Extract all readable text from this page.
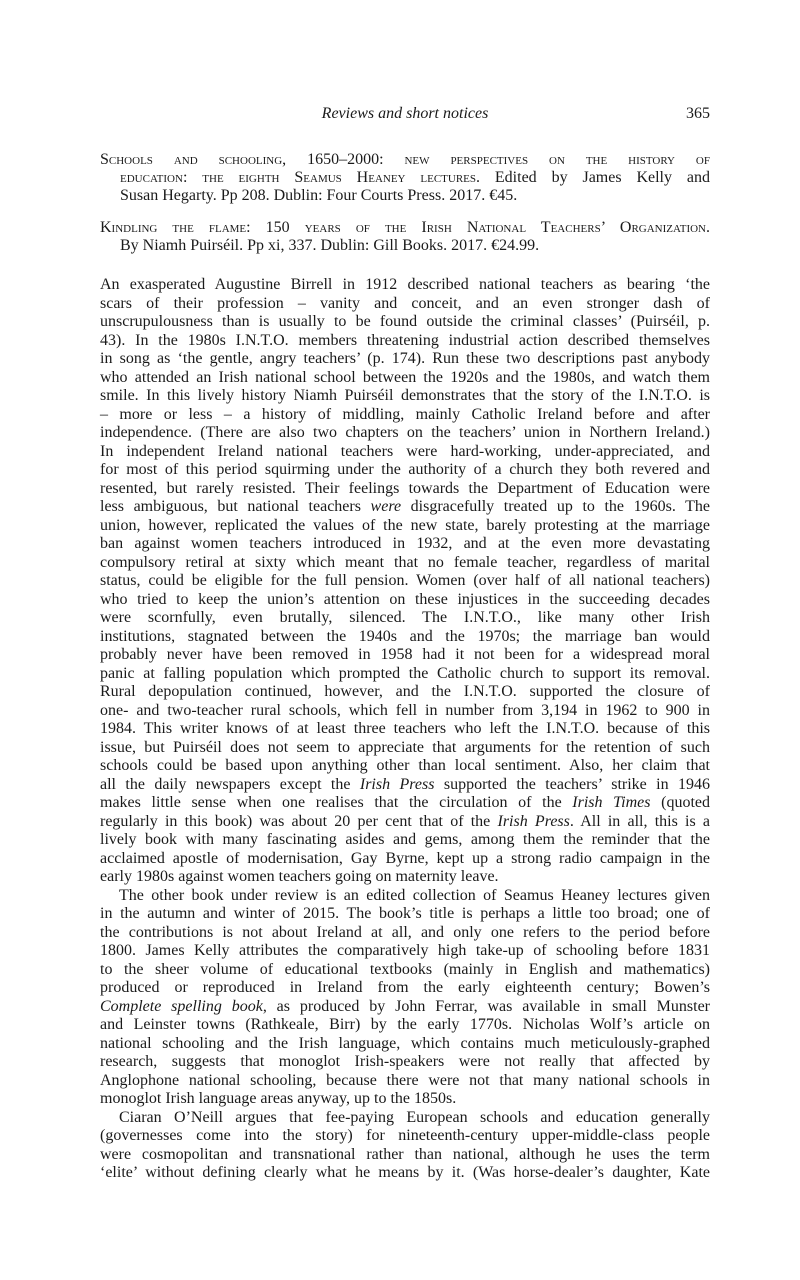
Reviews and short notices	365
Schools and schooling, 1650–2000: new perspectives on the history of
education: the eighth Seamus Heaney lectures. Edited by James Kelly and
Susan Hegarty. Pp 208. Dublin: Four Courts Press. 2017. €45.
Kindling the flame: 150 years of the Irish National Teachers’ Organization.
By Niamh Puirséil. Pp xi, 337. Dublin: Gill Books. 2017. €24.99.
An exasperated Augustine Birrell in 1912 described national teachers as bearing ‘the
scars of their profession – vanity and conceit, and an even stronger dash of
unscrupulousness than is usually to be found outside the criminal classes’ (Puirséil, p.
43). In the 1980s I.N.T.O. members threatening industrial action described themselves
in song as ‘the gentle, angry teachers’ (p. 174). Run these two descriptions past anybody
who attended an Irish national school between the 1920s and the 1980s, and watch them
smile. In this lively history Niamh Puirséil demonstrates that the story of the I.N.T.O. is
– more or less – a history of middling, mainly Catholic Ireland before and after
independence. (There are also two chapters on the teachers’ union in Northern Ireland.)
In independent Ireland national teachers were hard-working, under-appreciated, and
for most of this period squirming under the authority of a church they both revered and
resented, but rarely resisted. Their feelings towards the Department of Education were
less ambiguous, but national teachers were disgracefully treated up to the 1960s. The
union, however, replicated the values of the new state, barely protesting at the marriage
ban against women teachers introduced in 1932, and at the even more devastating
compulsory retiral at sixty which meant that no female teacher, regardless of marital
status, could be eligible for the full pension. Women (over half of all national teachers)
who tried to keep the union’s attention on these injustices in the succeeding decades
were scornfully, even brutally, silenced. The I.N.T.O., like many other Irish
institutions, stagnated between the 1940s and the 1970s; the marriage ban would
probably never have been removed in 1958 had it not been for a widespread moral
panic at falling population which prompted the Catholic church to support its removal.
Rural depopulation continued, however, and the I.N.T.O. supported the closure of
one- and two-teacher rural schools, which fell in number from 3,194 in 1962 to 900 in
1984. This writer knows of at least three teachers who left the I.N.T.O. because of this
issue, but Puirséil does not seem to appreciate that arguments for the retention of such
schools could be based upon anything other than local sentiment. Also, her claim that
all the daily newspapers except the Irish Press supported the teachers’ strike in 1946
makes little sense when one realises that the circulation of the Irish Times (quoted
regularly in this book) was about 20 per cent that of the Irish Press. All in all, this is a
lively book with many fascinating asides and gems, among them the reminder that the
acclaimed apostle of modernisation, Gay Byrne, kept up a strong radio campaign in the
early 1980s against women teachers going on maternity leave.
The other book under review is an edited collection of Seamus Heaney lectures given
in the autumn and winter of 2015. The book’s title is perhaps a little too broad; one of
the contributions is not about Ireland at all, and only one refers to the period before
1800. James Kelly attributes the comparatively high take-up of schooling before 1831
to the sheer volume of educational textbooks (mainly in English and mathematics)
produced or reproduced in Ireland from the early eighteenth century; Bowen’s
Complete spelling book, as produced by John Ferrar, was available in small Munster
and Leinster towns (Rathkeale, Birr) by the early 1770s. Nicholas Wolf’s article on
national schooling and the Irish language, which contains much meticulously-graphed
research, suggests that monoglot Irish-speakers were not really that affected by
Anglophone national schooling, because there were not that many national schools in
monoglot Irish language areas anyway, up to the 1850s.
Ciaran O’Neill argues that fee-paying European schools and education generally
(governesses come into the story) for nineteenth-century upper-middle-class people
were cosmopolitan and transnational rather than national, although he uses the term
‘elite’ without defining clearly what he means by it. (Was horse-dealer’s daughter, Kate
